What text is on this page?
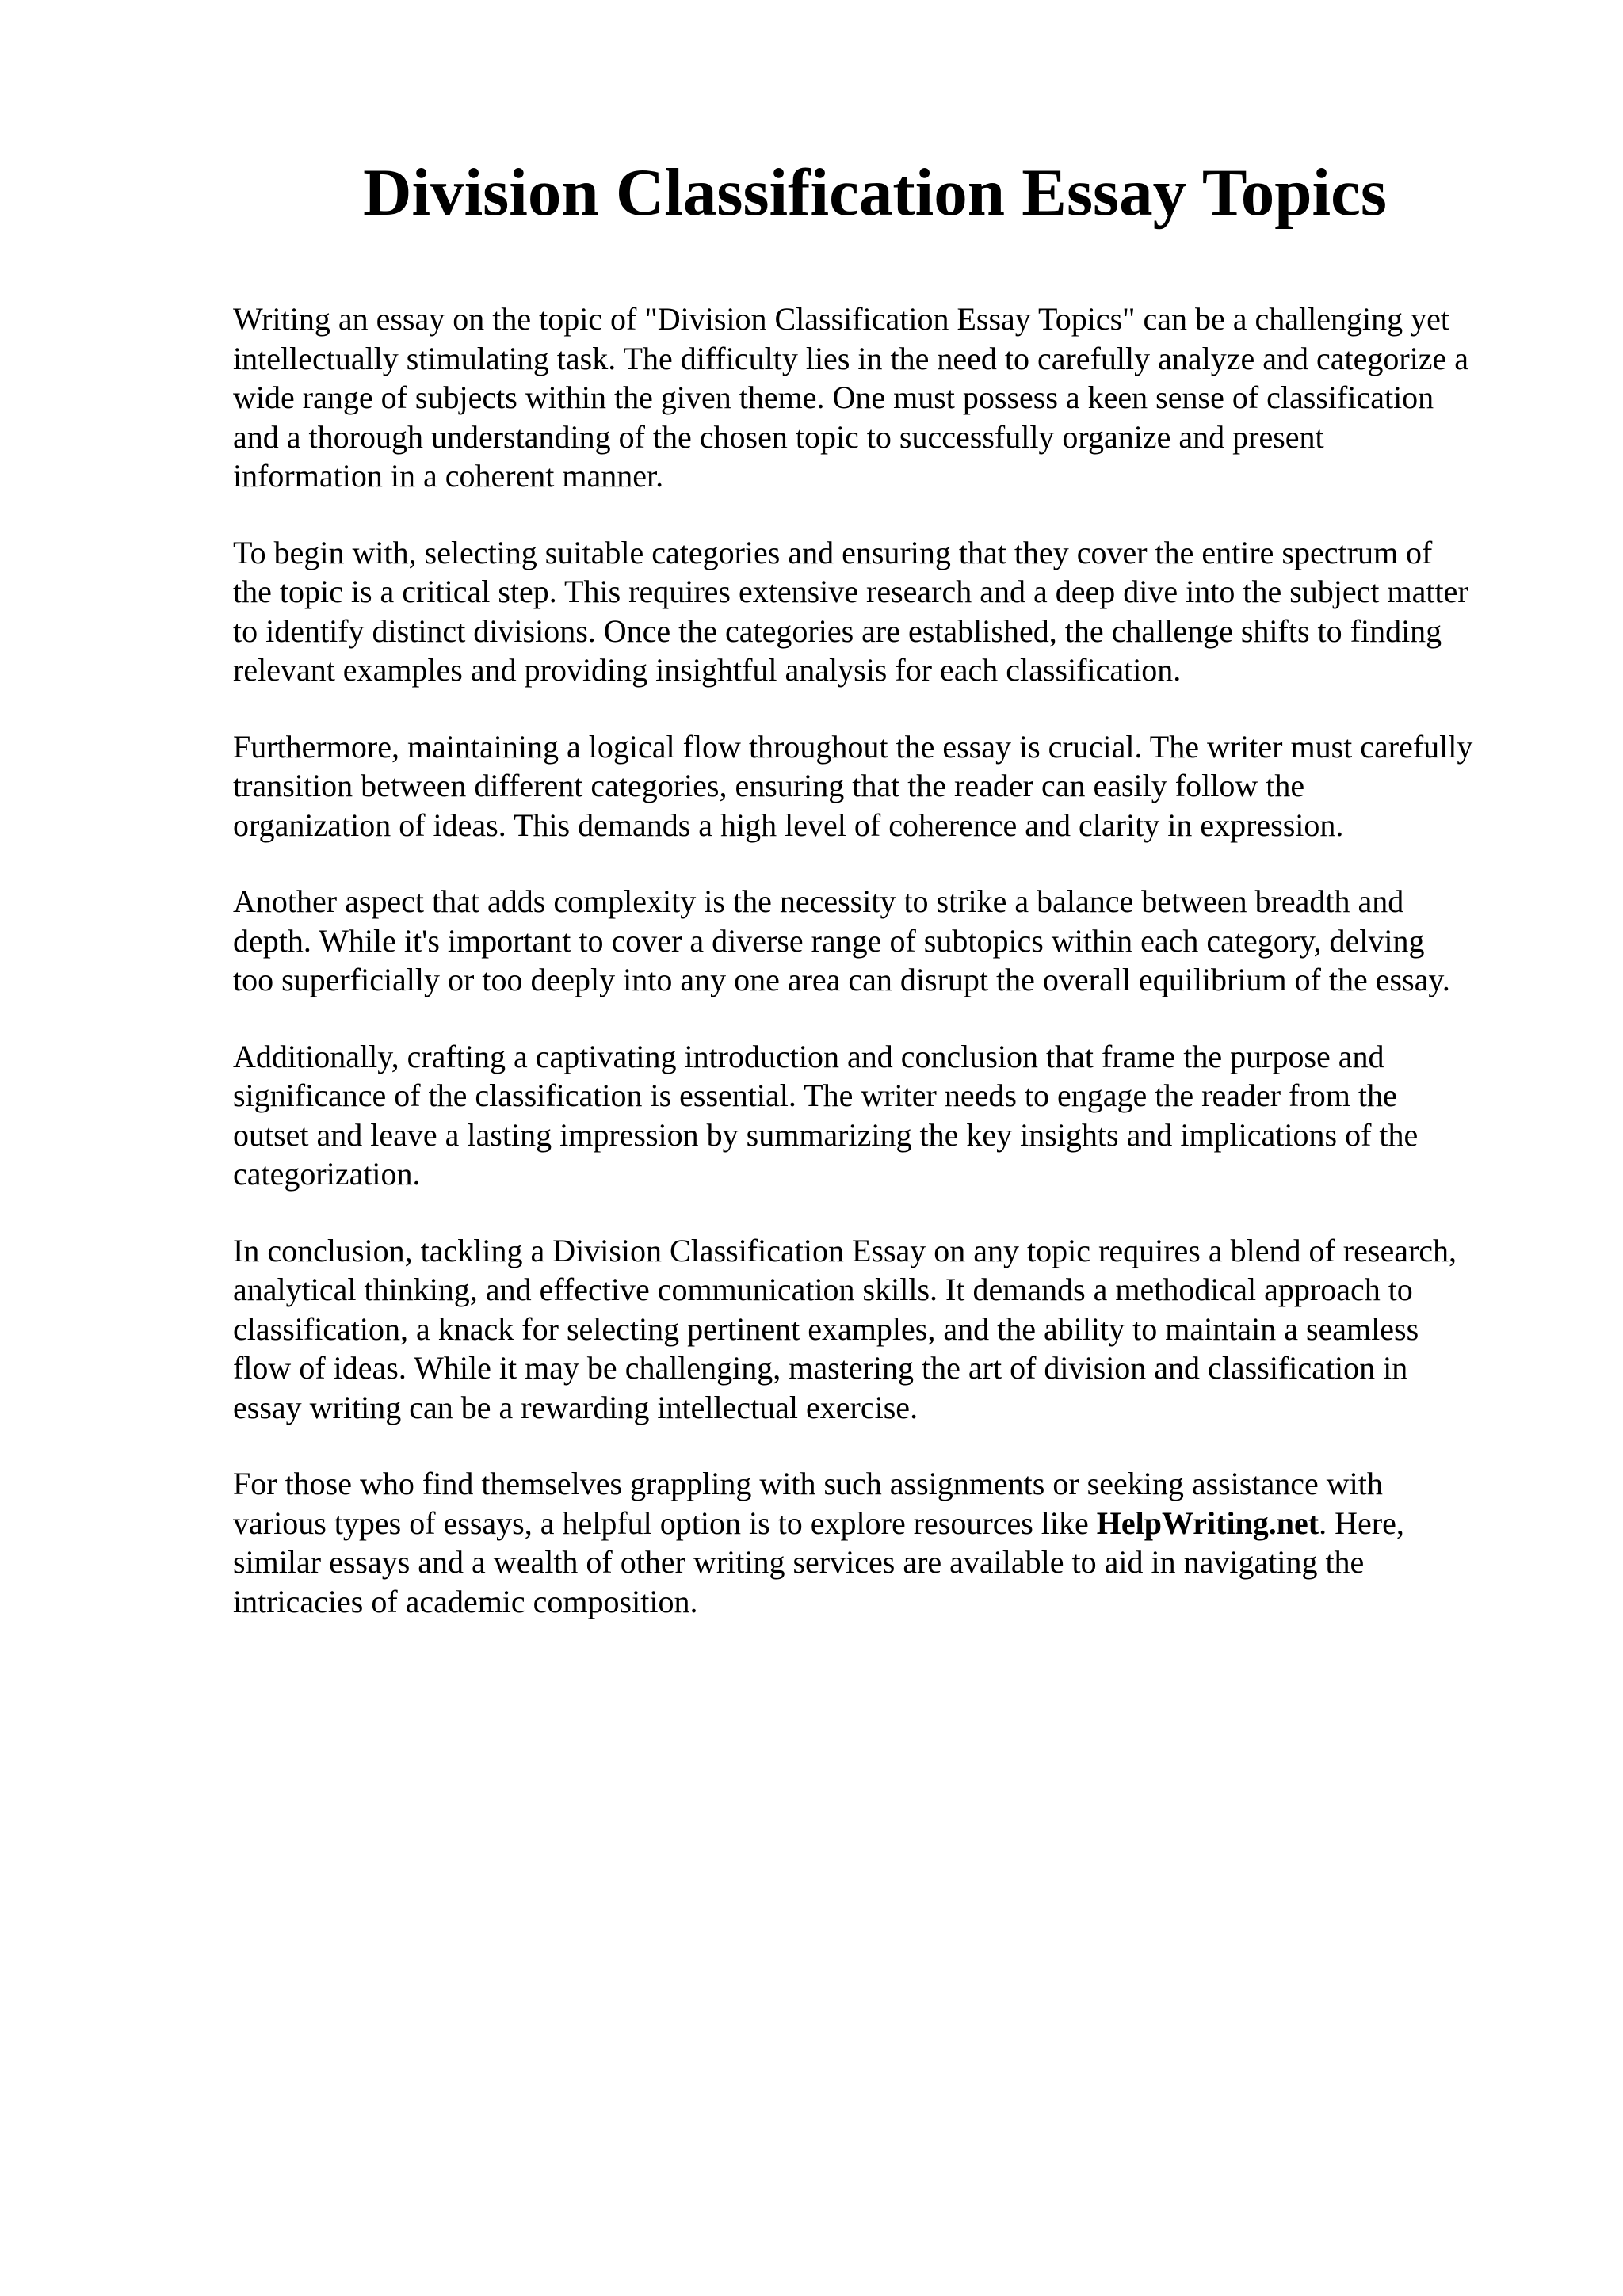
Division Classification Essay Topics

Writing an essay on the topic of "Division Classification Essay Topics" can be a challenging yet
intellectually stimulating task. The difficulty lies in the need to carefully analyze and categorize a
wide range of subjects within the given theme. One must possess a keen sense of classification
and a thorough understanding of the chosen topic to successfully organize and present
information in a coherent manner.

To begin with, selecting suitable categories and ensuring that they cover the entire spectrum of
the topic is a critical step. This requires extensive research and a deep dive into the subject matter
to identify distinct divisions. Once the categories are established, the challenge shifts to finding
relevant examples and providing insightful analysis for each classification.

Furthermore, maintaining a logical flow throughout the essay is crucial. The writer must carefully
transition between different categories, ensuring that the reader can easily follow the
organization of ideas. This demands a high level of coherence and clarity in expression.

Another aspect that adds complexity is the necessity to strike a balance between breadth and
depth. While it's important to cover a diverse range of subtopics within each category, delving
too superficially or too deeply into any one area can disrupt the overall equilibrium of the essay.

Additionally, crafting a captivating introduction and conclusion that frame the purpose and
significance of the classification is essential. The writer needs to engage the reader from the
outset and leave a lasting impression by summarizing the key insights and implications of the
categorization.

In conclusion, tackling a Division Classification Essay on any topic requires a blend of research,
analytical thinking, and effective communication skills. It demands a methodical approach to
classification, a knack for selecting pertinent examples, and the ability to maintain a seamless
flow of ideas. While it may be challenging, mastering the art of division and classification in
essay writing can be a rewarding intellectual exercise.

For those who find themselves grappling with such assignments or seeking assistance with
various types of essays, a helpful option is to explore resources like HelpWriting.net. Here,
similar essays and a wealth of other writing services are available to aid in navigating the
intricacies of academic composition.
